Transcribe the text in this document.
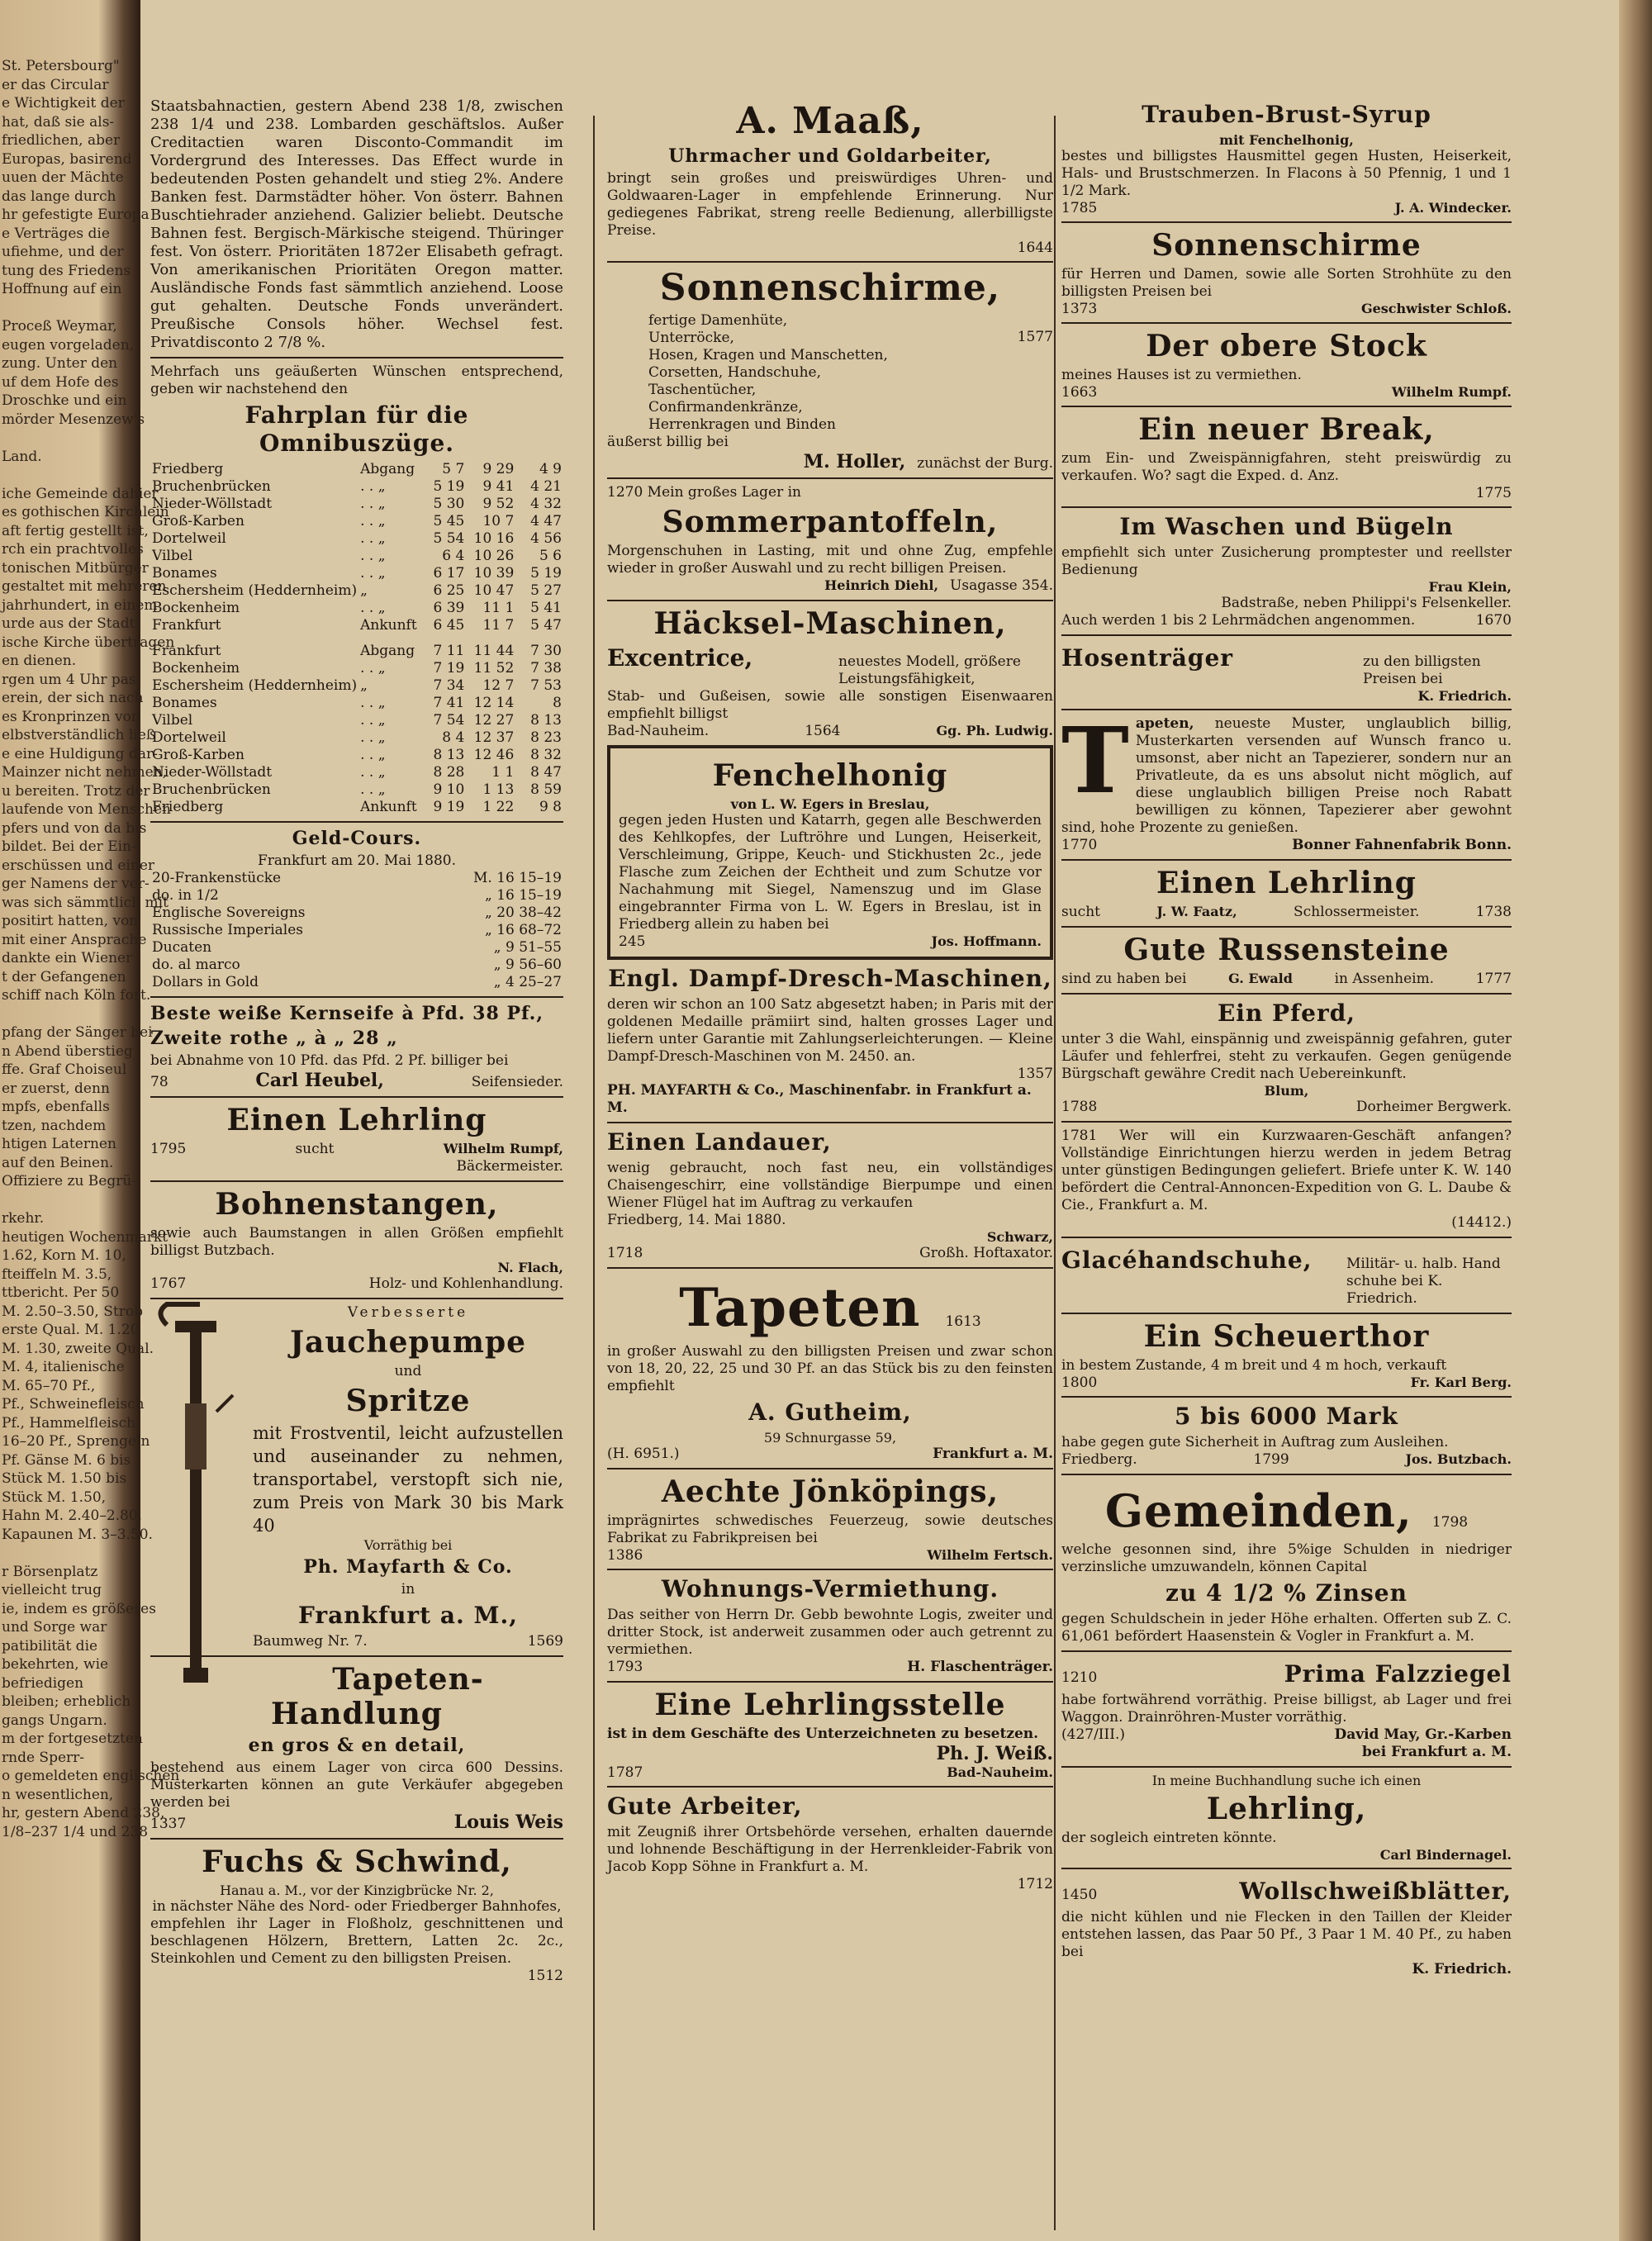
St. Petersbourg"
er das Circular
e Wichtigkeit der
hat, daß sie als-
friedlichen, aber
Europas, basirend
uuen der Mächte
das lange durch
hr gefestigte Europa
e Verträges die
ufiehme, und der
tung des Friedens
Hoffnung auf ein
Proceß Weymar,
eugen vorgeladen,
zung. Unter den
uf dem Hofe des
Droschke und ein
mörder Mesenzew's
Land.
iche Gemeinde dahier
es gothischen Kirchlein
aft fertig gestellt ist,
rch ein prachtvolles
tonischen Mitbürger
gestaltet mit mehreren
jahrhundert, in einem
urde aus der Stadt-
ische Kirche übertragen
en dienen.
rgen um 4 Uhr pas-
erein, der sich nach
es Kronprinzen von
elbstverständlich ließ
e eine Huldigung dar-
Mainzer nicht nehmen,
u bereiten. Trotz der
laufende von Menschen
pfers und von da bis
bildet. Bei der Ein-
erschüssen und einer
ger Namens der ver-
was sich sämmtlich mit
positirt hatten, von
mit einer Ansprache
dankte ein Wiener
t der Gefangenen
schiff nach Köln fort.
pfang der Sänger bei
n Abend überstieg
ffe. Graf Choiseul
er zuerst, denn
mpfs, ebenfalls
tzen, nachdem
htigen Laternen
auf den Beinen.
Offiziere zu Begrü-
rkehr.
heutigen Wochenmarkt
1.62, Korn M. 10,
fteiffeln M. 3.5,
ttbericht. Per 50
M. 2.50–3.50, Strob
erste Qual. M. 1.20
M. 1.30, zweite Qual.
M. 4, italienische
M. 65–70 Pf.,
Pf., Schweinefleisch
Pf., Hammelfleisch
16–20 Pf., Sprengeln
Pf. Gänse M. 6 bis
Stück M. 1.50 bis
Stück M. 1.50,
Hahn M. 2.40–2.80,
Kapaunen M. 3–3.50.
r Börsenplatz
vielleicht trug
ie, indem es größeres
und Sorge war
patibilität die
bekehrten, wie
befriedigen
bleiben; erheblich
gangs Ungarn.
m der fortgesetzten
rnde Sperr-
o gemeldeten englischen
n wesentlichen,
hr, gestern Abend 238,
1/8–237 1/4 und 238

Staatsbahnactien, gestern Abend 238 1/8, zwischen 238 1/4 und 238. Lombarden geschäftslos. Außer Creditactien waren Disconto-Commandit im Vordergrund des Interesses. Das Effect wurde in bedeutenden Posten gehandelt und stieg 2%. Andere Banken fest. Darmstädter höher. Von österr. Bahnen Buschtiehrader anziehend. Galizier beliebt. Deutsche Bahnen fest. Bergisch-Märkische steigend. Thüringer fest. Von österr. Prioritäten 1872er Elisabeth gefragt. Von amerikanischen Prioritäten Oregon matter. Ausländische Fonds fast sämmtlich anziehend. Loose gut gehalten. Deutsche Fonds unverändert. Preußische Consols höher. Wechsel fest. Privatdisconto 2 7/8 %.

Mehrfach uns geäußerten Wünschen entsprechend, geben wir nachstehend den

Fahrplan für die Omnibuszüge.
Friedberg	Abgang	5 7	9 29	4 9
Bruchenbrücken	. . „	5 19	9 41	4 21
Nieder-Wöllstadt	. . „	5 30	9 52	4 32
Groß-Karben	. . „	5 45	10 7	4 47
Dortelweil	. . „	5 54	10 16	4 56
Vilbel	. . „	6 4	10 26	5 6
Bonames	. . „	6 17	10 39	5 19
Eschersheim (Heddernheim)	„	6 25	10 47	5 27
Bockenheim	. . „	6 39	11 1	5 41
Frankfurt	Ankunft	6 45	11 7	5 47
Frankfurt	Abgang	7 11	11 44	7 30
Bockenheim	. . „	7 19	11 52	7 38
Eschersheim (Heddernheim)	„	7 34	12 7	7 53
Bonames	. . „	7 41	12 14	8
Vilbel	. . „	7 54	12 27	8 13
Dortelweil	. . „	8 4	12 37	8 23
Groß-Karben	. . „	8 13	12 46	8 32
Nieder-Wöllstadt	. . „	8 28	1 1	8 47
Bruchenbrücken	. . „	9 10	1 13	8 59
Friedberg	Ankunft	9 19	1 22	9 8
Geld-Cours.
Frankfurt am 20. Mai 1880.
20-Frankenstücke	M. 16 15–19
do. in 1/2	„ 16 15–19
Englische Sovereigns	„ 20 38–42
Russische Imperiales	„ 16 68–72
Ducaten	„ 9 51–55
do. al marco	„ 9 56–60
Dollars in Gold	„ 4 25–27
Beste weiße Kernseife à Pfd. 38 Pf.,
Zweite rothe „ à „ 28 „

bei Abnahme von 10 Pfd. das Pfd. 2 Pf. billiger bei

78	Carl Heubel,	Seifensieder.
Einen Lehrling
1795	sucht	Wilhelm Rumpf,
Bäckermeister.
Bohnenstangen,

sowie auch Baumstangen in allen Größen empfiehlt billigst Butzbach.

N. Flach,
1767	Holz- und Kohlenhandlung.
Verbesserte
Jauchepumpe
und
Spritze

mit Frostventil, leicht aufzustellen und auseinander zu nehmen, transportabel, verstopft sich nie, zum Preis von Mark 30 bis Mark 40

Vorräthig bei
Ph. Mayfarth & Co.
in
Frankfurt a. M.,
Baumweg Nr. 7.	1569
Tapeten-Handlung
en gros & en detail,

bestehend aus einem Lager von circa 600 Dessins. Musterkarten können an gute Verkäufer abgegeben werden bei

1337	Louis Weis
Fuchs & Schwind,
Hanau a. M., vor der Kinzigbrücke Nr. 2,
in nächster Nähe des Nord- oder Friedberger Bahnhofes,

empfehlen ihr Lager in Floßholz, geschnittenen und beschlagenen Hölzern, Brettern, Latten 2c. 2c., Steinkohlen und Cement zu den billigsten Preisen.

1512
A. Maaß,
Uhrmacher und Goldarbeiter,

bringt sein großes und preiswürdiges Uhren- und Goldwaaren-Lager in empfehlende Erinnerung. Nur gediegenes Fabrikat, streng reelle Bedienung, allerbilligste Preise.

1644
Sonnenschirme,
fertige Damenhüte,
Unterröcke,
Hosen, Kragen und Manschetten,
Corsetten, Handschuhe,
Taschentücher,
Confirmandenkränze,
Herrenkragen und Binden
1577
äußerst billig bei
M. Holler, zunächst der Burg.
1270 Mein großes Lager in
Sommerpantoffeln,

Morgenschuhen in Lasting, mit und ohne Zug, empfehle wieder in großer Auswahl und zu recht billigen Preisen.

Heinrich Diehl, Usagasse 354.
Häcksel-Maschinen,
Excentrice,	neuestes Modell, größere Leistungsfähigkeit,

Stab- und Gußeisen, sowie alle sonstigen Eisenwaaren empfiehlt billigst

Bad-Nauheim.	1564	Gg. Ph. Ludwig.
Fenchelhonig
von L. W. Egers in Breslau,

gegen jeden Husten und Katarrh, gegen alle Beschwerden des Kehlkopfes, der Luftröhre und Lungen, Heiserkeit, Verschleimung, Grippe, Keuch- und Stickhusten 2c., jede Flasche zum Zeichen der Echtheit und zum Schutze vor Nachahmung mit Siegel, Namenszug und im Glase eingebrannter Firma von L. W. Egers in Breslau, ist in Friedberg allein zu haben bei

245	Jos. Hoffmann.
Engl. Dampf-Dresch-Maschinen,

deren wir schon an 100 Satz abgesetzt haben; in Paris mit der goldenen Medaille prämiirt sind, halten grosses Lager und liefern unter Garantie mit Zahlungserleichterungen. — Kleine Dampf-Dresch-Maschinen von M. 2450. an.

1357
PH. MAYFARTH & Co., Maschinenfabr. in Frankfurt a. M.
Einen Landauer,

wenig gebraucht, noch fast neu, ein vollständiges Chaisengeschirr, eine vollständige Bierpumpe und einen Wiener Flügel hat im Auftrag zu verkaufen

Friedberg, 14. Mai 1880.
Schwarz,
1718	Großh. Hoftaxator.
Tapeten 1613

in großer Auswahl zu den billigsten Preisen und zwar schon von 18, 20, 22, 25 und 30 Pf. an das Stück bis zu den feinsten empfiehlt

A. Gutheim,
59 Schnurgasse 59,
(H. 6951.)	Frankfurt a. M.
Aechte Jönköpings,

imprägnirtes schwedisches Feuerzeug, sowie deutsches Fabrikat zu Fabrikpreisen bei

1386	Wilhelm Fertsch.
Wohnungs-Vermiethung.

Das seither von Herrn Dr. Gebb bewohnte Logis, zweiter und dritter Stock, ist anderweit zusammen oder auch getrennt zu vermiethen.

1793	H. Flaschenträger.
Eine Lehrlingsstelle
ist in dem Geschäfte des Unterzeichneten zu besetzen.
Ph. J. Weiß.
1787	Bad-Nauheim.
Gute Arbeiter,

mit Zeugniß ihrer Ortsbehörde versehen, erhalten dauernde und lohnende Beschäftigung in der Herrenkleider-Fabrik von Jacob Kopp Söhne in Frankfurt a. M.

1712
Trauben-Brust-Syrup
mit Fenchelhonig,

bestes und billigstes Hausmittel gegen Husten, Heiserkeit, Hals- und Brustschmerzen. In Flacons à 50 Pfennig, 1 und 1 1/2 Mark.

1785	J. A. Windecker.
Sonnenschirme

für Herren und Damen, sowie alle Sorten Strohhüte zu den billigsten Preisen bei

1373	Geschwister Schloß.
Der obere Stock
meines Hauses ist zu vermiethen.
1663	Wilhelm Rumpf.
Ein neuer Break,

zum Ein- und Zweispännigfahren, steht preiswürdig zu verkaufen. Wo? sagt die Exped. d. Anz.

1775
Im Waschen und Bügeln

empfiehlt sich unter Zusicherung promptester und reellster Bedienung

Frau Klein,
Badstraße, neben Philippi's Felsenkeller.
Auch werden 1 bis 2 Lehrmädchen angenommen.	1670
Hosenträger	zu den billigsten Preisen bei
K. Friedrich.
T apeten, neueste Muster, unglaublich billig, Musterkarten versenden auf Wunsch franco u. umsonst, aber nicht an Tapezierer, sondern nur an Privatleute, da es uns absolut nicht möglich, auf diese unglaublich billigen Preise noch Rabatt bewilligen zu können, Tapezierer aber gewohnt sind, hohe Prozente zu genießen.

1770	Bonner Fahnenfabrik Bonn.
Einen Lehrling
sucht	J. W. Faatz,	Schlossermeister.	1738
Gute Russensteine
sind zu haben bei	G. Ewald	in Assenheim.	1777
Ein Pferd,

unter 3 die Wahl, einspännig und zweispännig gefahren, guter Läufer und fehlerfrei, steht zu verkaufen. Gegen genügende Bürgschaft gewähre Credit nach Uebereinkunft.

Blum,
1788	Dorheimer Bergwerk.

1781 Wer will ein Kurzwaaren-Geschäft anfangen? Vollständige Einrichtungen hierzu werden in jedem Betrag unter günstigen Bedingungen geliefert. Briefe unter K. W. 140 befördert die Central-Annoncen-Expedition von G. L. Daube & Cie., Frankfurt a. M.

(14412.)
Glacéhandschuhe, Militär- u. halb. Hand schuhe bei K. Friedrich.
Ein Scheuerthor

in bestem Zustande, 4 m breit und 4 m hoch, verkauft

1800	Fr. Karl Berg.
5 bis 6000 Mark
habe gegen gute Sicherheit in Auftrag zum Ausleihen.
Friedberg.	1799	Jos. Butzbach.
Gemeinden, 1798

welche gesonnen sind, ihre 5%ige Schulden in niedriger verzinsliche umzuwandeln, können Capital

zu 4 1/2 % Zinsen

gegen Schuldschein in jeder Höhe erhalten. Offerten sub Z. C. 61,061 befördert Haasenstein & Vogler in Frankfurt a. M.

1210	Prima Falzziegel

habe fortwährend vorräthig. Preise billigst, ab Lager und frei Waggon. Drainröhren-Muster vorräthig.

(427/III.)	David May, Gr.-Karben
bei Frankfurt a. M.
In meine Buchhandlung suche ich einen
Lehrling,
der sogleich eintreten könnte.
Carl Bindernagel.
1450	Wollschweißblätter,

die nicht kühlen und nie Flecken in den Taillen der Kleider entstehen lassen, das Paar 50 Pf., 3 Paar 1 M. 40 Pf., zu haben bei

K. Friedrich.
